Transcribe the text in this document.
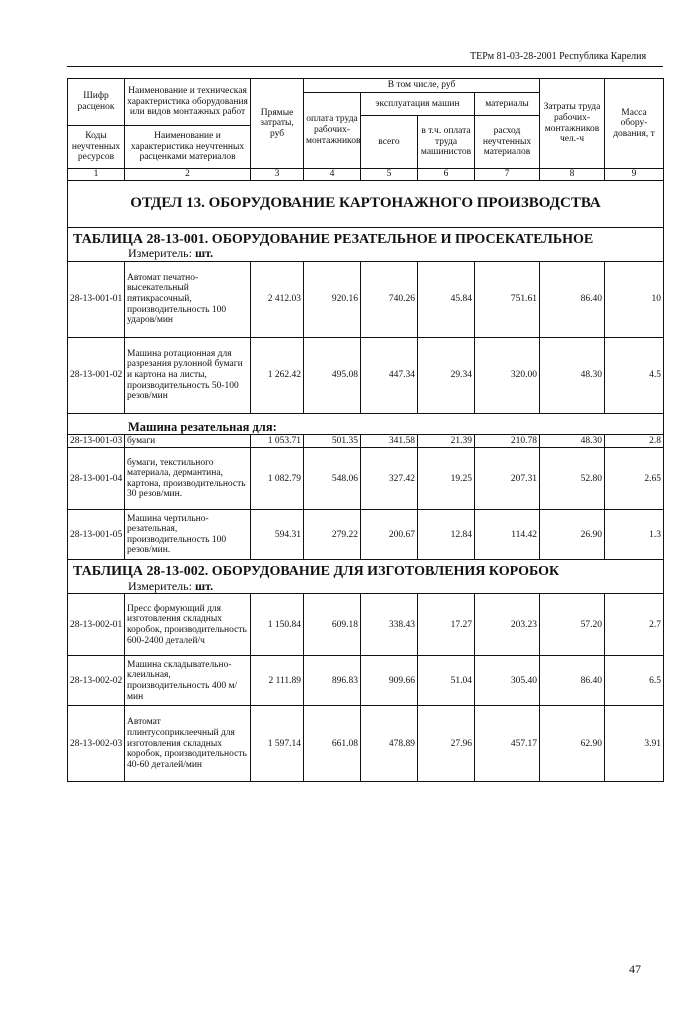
ТЕРм 81-03-28-2001 Республика Карелия
Шифр расценок	Наименование и техническая характеристика оборудования или видов монтажных работ	Прямые затраты, руб	В том числе, руб				Затраты труда рабочих-монтажников чел.-ч	Масса обору-дования, т
			оплата труда рабочих-монтажников	эксплуатация машин		материалы		
				всего	в т.ч. оплата труда машинистов	расход неучтенных материалов		
Коды неучтенных ресурсов	Наименование и характеристика неучтенных расценками материалов							

1	2	3	4	5	6	7	8	9
ОТДЕЛ 13. ОБОРУДОВАНИЕ КАРТОНАЖНОГО ПРОИЗВОДСТВА								
ТАБЛИЦА 28-13-001. ОБОРУДОВАНИЕ РЕЗАТЕЛЬНОЕ И ПРОСЕКАТЕЛЬНОЕ								
Измеритель: шт.								
28-13-001-01	Автомат печатно-высекательный пятикрасочный, производительность 100 ударов/мин	2 412.03	920.16	740.26	45.84	751.61	86.40	10
28-13-001-02	Машина ротационная для разрезания рулонной бумаги и картона на листы, производительность 50-100 резов/мин	1 262.42	495.08	447.34	29.34	320.00	48.30	4.5
Машина резательная для:								
28-13-001-03	бумаги	1 053.71	501.35	341.58	21.39	210.78	48.30	2.8
28-13-001-04	бумаги, текстильного материала, дермантина, картона, производительность 30 резов/мин.	1 082.79	548.06	327.42	19.25	207.31	52.80	2.65
28-13-001-05	Машина чертильно-резательная, производительность 100 резов/мин.	594.31	279.22	200.67	12.84	114.42	26.90	1.3
ТАБЛИЦА 28-13-002. ОБОРУДОВАНИЕ ДЛЯ ИЗГОТОВЛЕНИЯ КОРОБОК								
Измеритель: шт.								
28-13-002-01	Пресс формующий для изготовления складных коробок, производительность 600-2400 деталей/ч	1 150.84	609.18	338.43	17.27	203.23	57.20	2.7
28-13-002-02	Машина складывательно-клеильная, производительность 400 м/мин	2 111.89	896.83	909.66	51.04	305.40	86.40	6.5
28-13-002-03	Автомат плинтусоприклеечный для изготовления складных коробок, производительность 40-60 деталей/мин	1 597.14	661.08	478.89	27.96	457.17	62.90	3.91
47
